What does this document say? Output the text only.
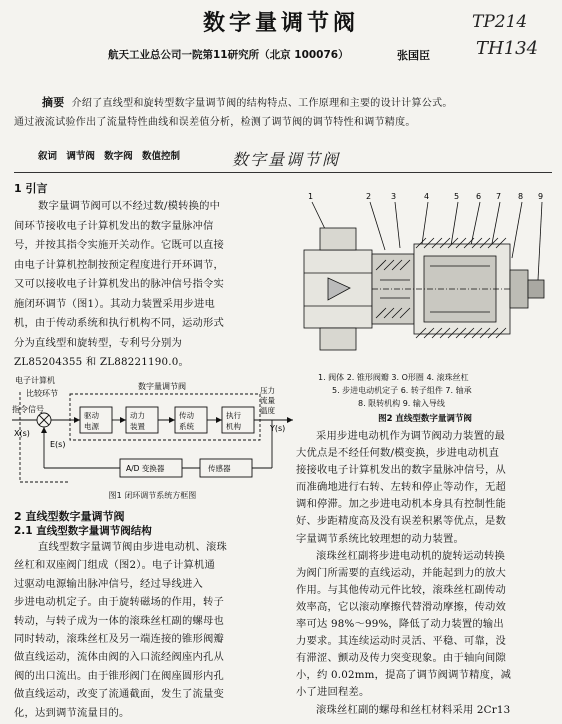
数字量调节阀	TP214
TH134
航天工业总公司一院第11研究所（北京 100076）	张国臣
摘要 介绍了直线型和旋转型数字量调节阀的结构特点、工作原理和主要的设计计算公式。
通过液流试验作出了流量特性曲线和误差值分析，检测了调节阀的调节特性和调节精度。
叙词 调节阀 数字阀 数值控制	数字量调节阀
1 引言
数字量调节阀可以不经过数/模转换的中
间环节接收电子计算机发出的数字量脉冲信
号，并按其指令实施开关动作。它既可以直接
由电子计算机控制按预定程度进行开环调节，
又可以接收电子计算机发出的脉冲信号指令实
施闭环调节（图1）。其动力装置采用步进电
机，由于传动系统和执行机构不同，运动形式
分为直线型和旋转型，专利号分别为
ZL85204355 和 ZL88221190.0。
电子计算机
比较环节
指令信号
X(s)
E(s)
数字量调节阀
驱动
电源
动力
装置
传动
系统
执行
机构
压力
流量
温度
Y(s)
A/D 变换器	传感器
图1 闭环调节系统方框图
2 直线型数字量调节阀
2.1 直线型数字量调节阀结构
直线型数字量调节阀由步进电动机、滚珠
丝杠和双座阀门组成（图2）。电子计算机通
过驱动电源输出脉冲信号，经过导线进入
步进电动机定子。由于旋转磁场的作用，转子
转动，与转子成为一体的滚珠丝杠副的螺母也
同时转动，滚珠丝杠及另一端连接的锥形阀瓣
做直线运动，流体由阀的入口流经阀座内孔从
阀的出口流出。由于锥形阀门在阀座圆形内孔
做直线运动，改变了流通截面，发生了流量变
化，达到调节流量目的。
1	2 3	4	5 6 7 8 9
1. 阀体 2. 锥形阀瓣 3. O形圈 4. 滚珠丝杠
5. 步进电动机定子 6. 转子组件 7. 轴承
8. 限转机构 9. 输入导线
图2 直线型数字量调节阀
采用步进电动机作为调节阀动力装置的最
大优点是不经任何数/模变换，步进电动机直
接接收电子计算机发出的数字量脉冲信号，从
而准确地进行右转、左转和停止等动作，无超
调和停滞。加之步进电动机本身具有控制性能
好、步距精度高及没有误差积累等优点，是数
字量调节系统比较理想的动力装置。
滚珠丝杠副将步进电动机的旋转运动转换
为阀门所需要的直线运动，并能起到力的放大
作用。与其他传动元件比较，滚珠丝杠副传动
效率高，它以滚动摩擦代替滑动摩擦，传动效
率可达 98%～99%，降低了动力装置的输出
力要求。其连续运动时灵活、平稳、可靠，没
有滞涩、颤动及传力突变现象。由于轴向间隙
小，约 0.02mm，提高了调节阀调节精度，减
小了进回程差。
滚珠丝杠副的螺母和丝杠材料采用 2Cr13
